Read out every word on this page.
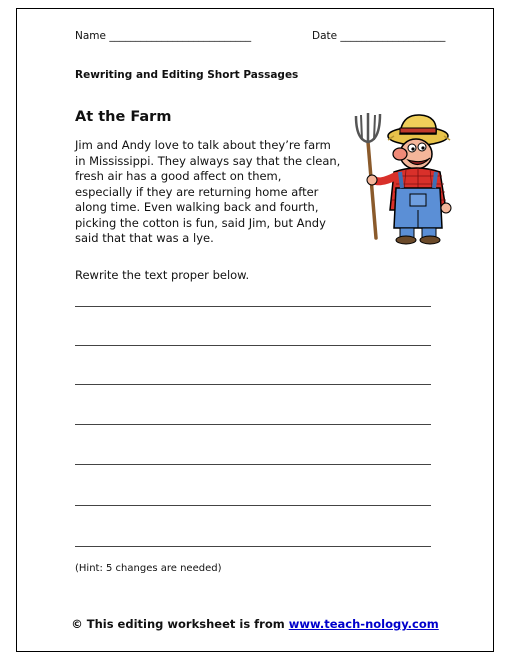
Name ___________________________	Date ____________________
Rewriting and Editing Short Passages
At the Farm

Jim and Andy love to talk about they’re farm
in Mississippi. They always say that the clean,
fresh air has a good affect on them,
especially if they are returning home after
along time. Even walking back and fourth,
picking the cotton is fun, said Jim, but Andy
said that that was a lye.

Rewrite the text proper below.
(Hint: 5 changes are needed)
© This editing worksheet is from www.teach-nology.com
